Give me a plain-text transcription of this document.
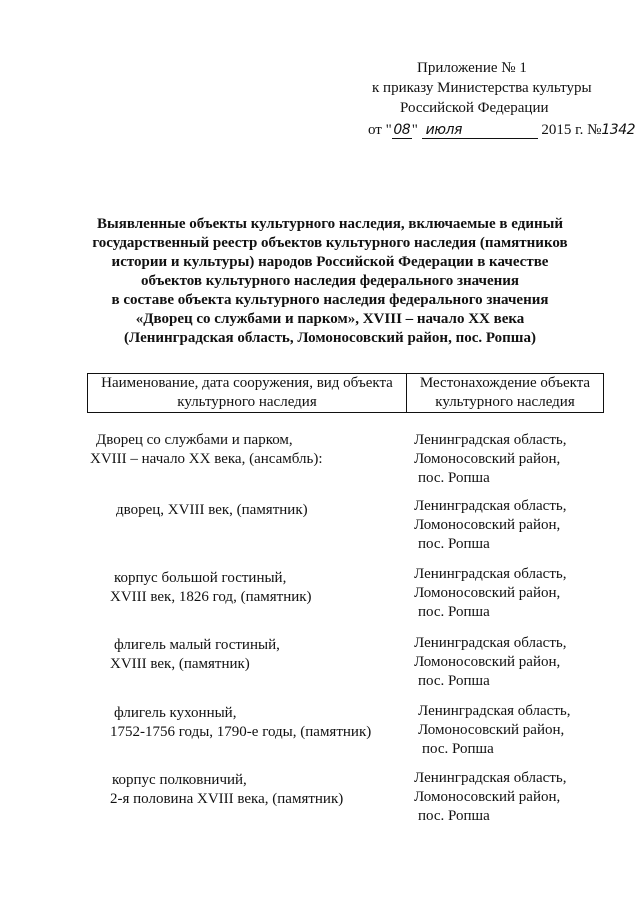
Приложение № 1
к приказу Министерства культуры
Российской Федерации
от " 08 " июля	2015 г. №1342
Выявленные объекты культурного наследия, включаемые в единый
государственный реестр объектов культурного наследия (памятников
истории и культуры) народов Российской Федерации в качестве
объектов культурного наследия федерального значения
в составе объекта культурного наследия федерального значения
«Дворец со службами и парком», XVIII – начало XX века
(Ленинградская область, Ломоносовский район, пос. Ропша)
Наименование, дата сооружения, вид объекта
культурного наследия
Местонахождение объекта
культурного наследия
Дворец со службами и парком,
XVIII – начало XX века, (ансамбль):
Ленинградская область,
Ломоносовский район,
пос. Ропша
дворец, XVIII век, (памятник)	Ленинградская область,
Ломоносовский район,
пос. Ропша
корпус большой гостиный,
XVIII век, 1826 год, (памятник)
Ленинградская область,
Ломоносовский район,
пос. Ропша
флигель малый гостиный,
XVIII век, (памятник)
Ленинградская область,
Ломоносовский район,
пос. Ропша
флигель кухонный,
1752-1756 годы, 1790-е годы, (памятник)
Ленинградская область,
Ломоносовский район,
пос. Ропша
корпус полковничий,
2-я половина XVIII века, (памятник)
Ленинградская область,
Ломоносовский район,
пос. Ропша
